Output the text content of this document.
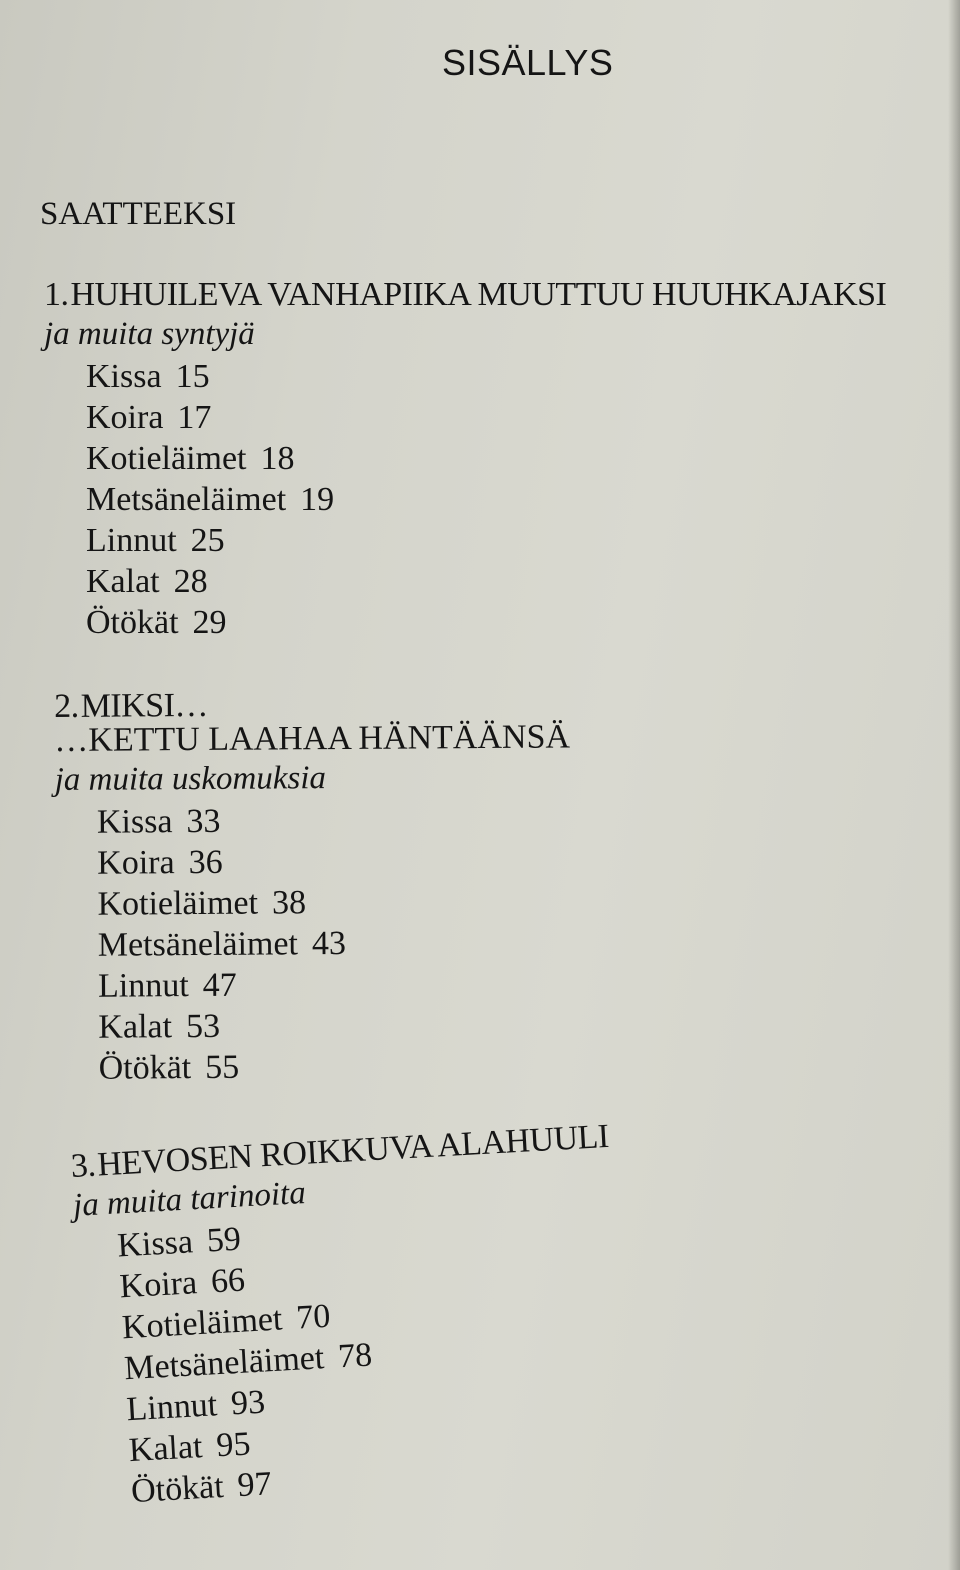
SISÄLLYS
SAATTEEKSI
1.HUHUILEVA VANHAPIIKA MUUTTUU HUUHKAJAKSI

ja muita syntyjä

Kissa 15
Koira 17
Kotieläimet 18
Metsäneläimet 19
Linnut 25
Kalat 28
Ötökät 29
2.MIKSI…

…KETTU LAAHAA HÄNTÄÄNSÄ

ja muita uskomuksia

Kissa 33
Koira 36
Kotieläimet 38
Metsäneläimet 43
Linnut 47
Kalat 53
Ötökät 55
3.HEVOSEN ROIKKUVA ALAHUULI

ja muita tarinoita

Kissa 59
Koira 66
Kotieläimet 70
Metsäneläimet 78
Linnut 93
Kalat 95
Ötökät 97
